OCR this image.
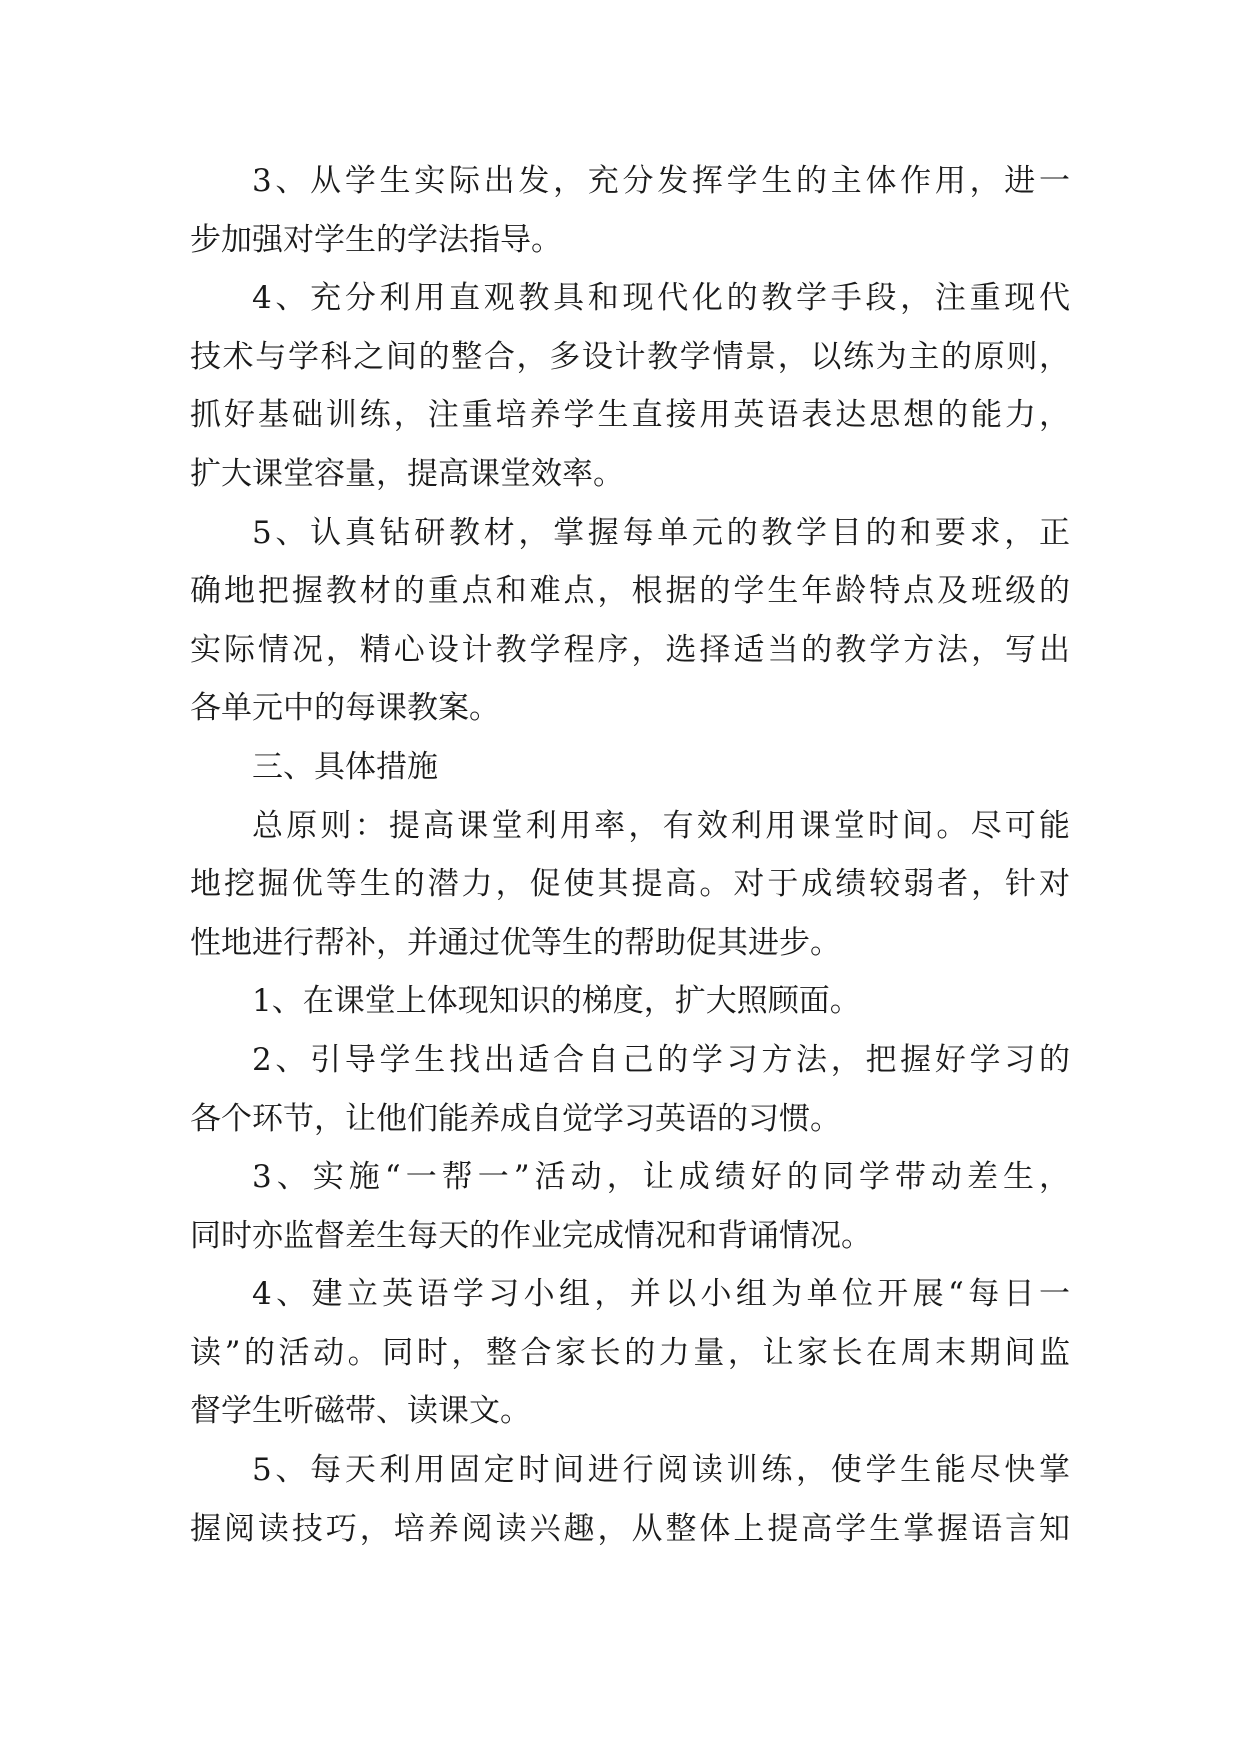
3、从学生实际出发，充分发挥学生的主体作用，进一
步加强对学生的学法指导。
4、充分利用直观教具和现代化的教学手段，注重现代
技术与学科之间的整合，多设计教学情景，以练为主的原则，
抓好基础训练，注重培养学生直接用英语表达思想的能力，
扩大课堂容量，提高课堂效率。
5、认真钻研教材，掌握每单元的教学目的和要求，正
确地把握教材的重点和难点，根据的学生年龄特点及班级的
实际情况，精心设计教学程序，选择适当的教学方法，写出
各单元中的每课教案。
三、具体措施
总原则：提高课堂利用率，有效利用课堂时间。尽可能
地挖掘优等生的潜力，促使其提高。对于成绩较弱者，针对
性地进行帮补，并通过优等生的帮助促其进步。
1、在课堂上体现知识的梯度，扩大照顾面。
2、引导学生找出适合自己的学习方法，把握好学习的
各个环节，让他们能养成自觉学习英语的习惯。
3、实施“一帮一”活动，让成绩好的同学带动差生，
同时亦监督差生每天的作业完成情况和背诵情况。
4、建立英语学习小组，并以小组为单位开展“每日一
读”的活动。同时，整合家长的力量，让家长在周末期间监
督学生听磁带、读课文。
5、每天利用固定时间进行阅读训练，使学生能尽快掌
握阅读技巧，培养阅读兴趣，从整体上提高学生掌握语言知
